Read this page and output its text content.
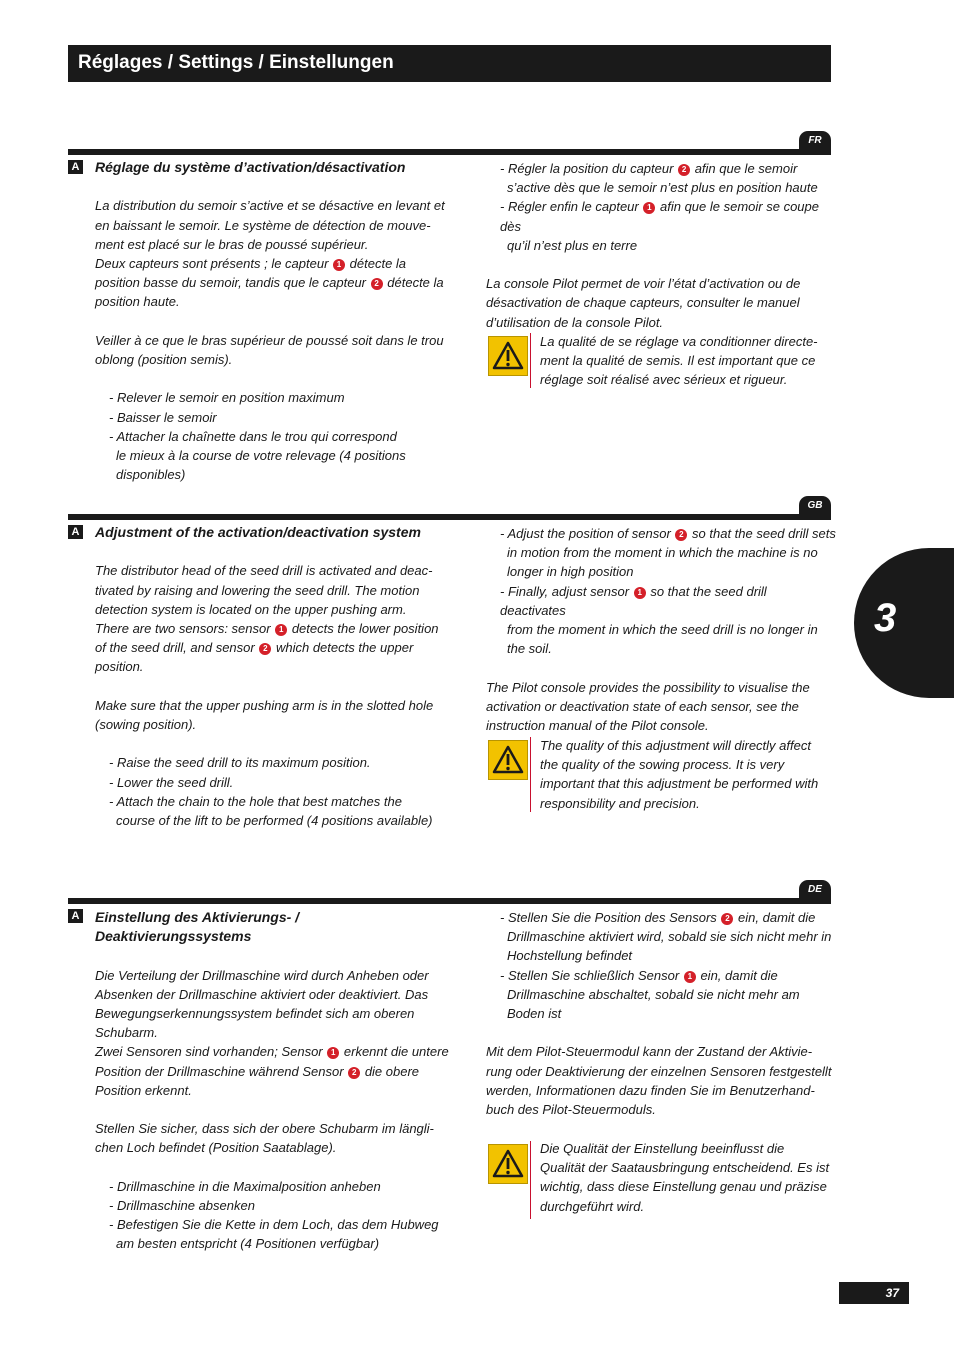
Réglages / Settings / Einstellungen
FR
A Réglage du système d’activation/désactivation

La distribution du semoir s’active et se désactive en levant et

en baissant le semoir. Le système de détection de mouve-

ment est placé sur le bras de poussé supérieur.

Deux capteurs sont présents ; le capteur 1 détecte la

position basse du semoir, tandis que le capteur 2 détecte la

position haute.

Veiller à ce que le bras supérieur de poussé soit dans le trou

oblong (position semis).

- Relever le semoir en position maximum

- Baisser le semoir

- Attacher la chaînette dans le trou qui correspond

le mieux à la course de votre relevage (4 positions

disponibles)

- Régler la position du capteur 2 afin que le semoir

s’active dès que le semoir n’est plus en position haute

- Régler enfin le capteur 1 afin que le semoir se coupe dès

qu’il n’est plus en terre

La console Pilot permet de voir l’état d’activation ou de

désactivation de chaque capteurs, consulter le manuel

d’utilisation de la console Pilot.

La qualité de se réglage va conditionner directe-

ment la qualité de semis. Il est important que ce

réglage soit réalisé avec sérieux et rigueur.

GB
A Adjustment of the activation/deactivation system

The distributor head of the seed drill is activated and deac-

tivated by raising and lowering the seed drill. The motion

detection system is located on the upper pushing arm.

There are two sensors: sensor 1 detects the lower position

of the seed drill, and sensor 2 which detects the upper

position.

Make sure that the upper pushing arm is in the slotted hole

(sowing position).

- Raise the seed drill to its maximum position.

- Lower the seed drill.

- Attach the chain to the hole that best matches the

course of the lift to be performed (4 positions available)

- Adjust the position of sensor 2 so that the seed drill sets

in motion from the moment in which the machine is no

longer in high position

- Finally, adjust sensor 1 so that the seed drill deactivates

from the moment in which the seed drill is no longer in

the soil.

The Pilot console provides the possibility to visualise the

activation or deactivation state of each sensor, see the

instruction manual of the Pilot console.

The quality of this adjustment will directly affect

the quality of the sowing process. It is very

important that this adjustment be performed with

responsibility and precision.

DE
A Einstellung des Aktivierungs- /

Deaktivierungssystems

Die Verteilung der Drillmaschine wird durch Anheben oder

Absenken der Drillmaschine aktiviert oder deaktiviert. Das

Bewegungserkennungssystem befindet sich am oberen

Schubarm.

Zwei Sensoren sind vorhanden; Sensor 1 erkennt die untere

Position der Drillmaschine während Sensor 2 die obere

Position erkennt.

Stellen Sie sicher, dass sich der obere Schubarm im längli-

chen Loch befindet (Position Saatablage).

- Drillmaschine in die Maximalposition anheben

- Drillmaschine absenken

- Befestigen Sie die Kette in dem Loch, das dem Hubweg

am besten entspricht (4 Positionen verfügbar)

- Stellen Sie die Position des Sensors 2 ein, damit die

Drillmaschine aktiviert wird, sobald sie sich nicht mehr in

Hochstellung befindet

- Stellen Sie schließlich Sensor 1 ein, damit die

Drillmaschine abschaltet, sobald sie nicht mehr am

Boden ist

Mit dem Pilot-Steuermodul kann der Zustand der Aktivie-

rung oder Deaktivierung der einzelnen Sensoren festgestellt

werden, Informationen dazu finden Sie im Benutzerhand-

buch des Pilot-Steuermoduls.

Die Qualität der Einstellung beeinflusst die

Qualität der Saatausbringung entscheidend. Es ist

wichtig, dass diese Einstellung genau und präzise

durchgeführt wird.

3
37
